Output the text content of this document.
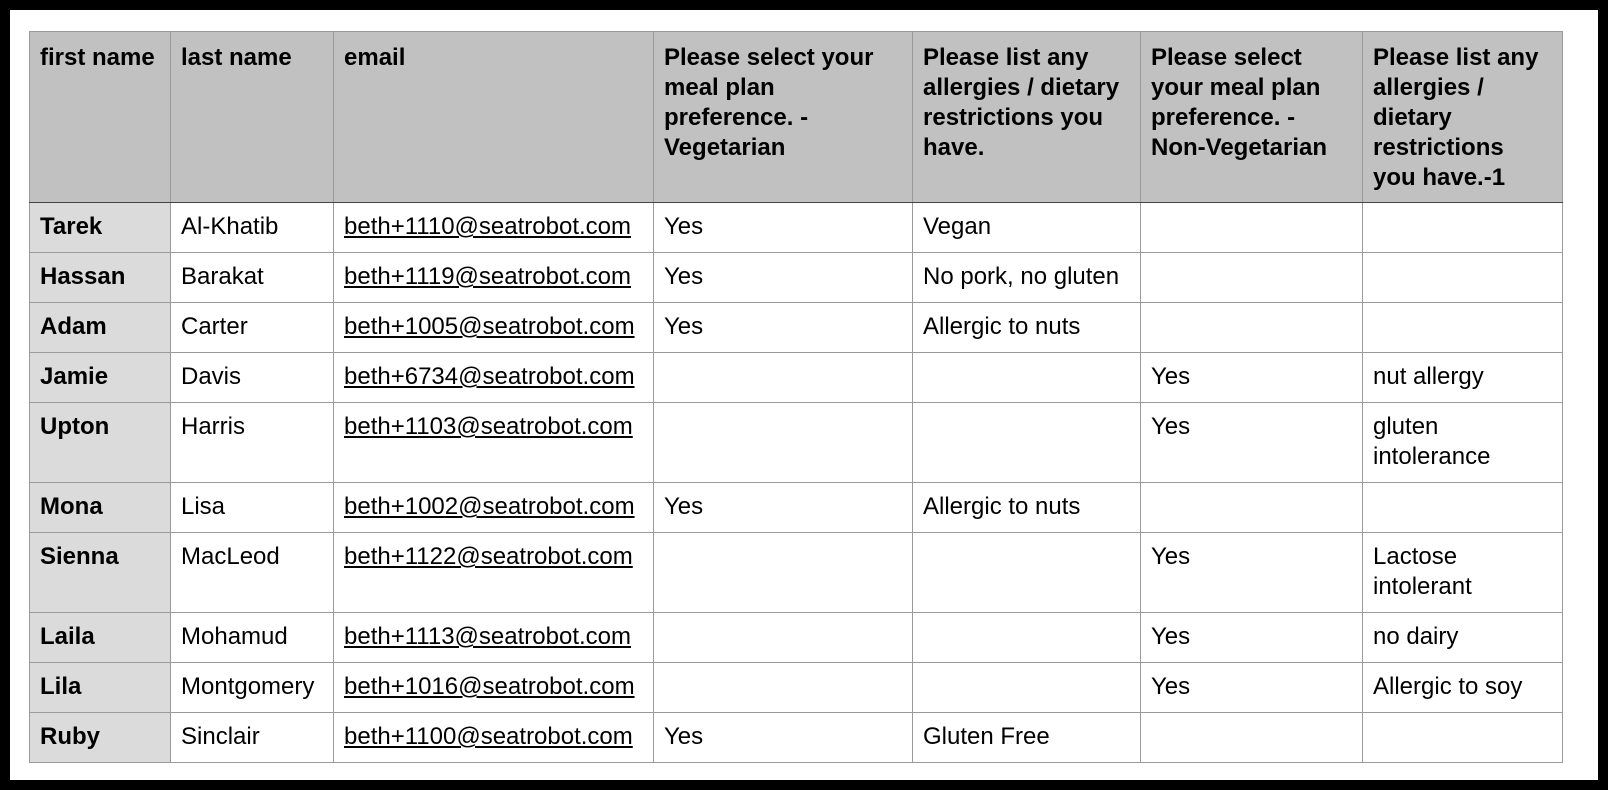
first name	last name	email	Please select your meal plan preference. - Vegetarian	Please list any allergies / dietary restrictions you have.	Please select your meal plan preference. - Non-Vegetarian	Please list any allergies / dietary restrictions you have.-1
Tarek	Al-Khatib	beth+1110@seatrobot.com	Yes	Vegan		
Hassan	Barakat	beth+1119@seatrobot.com	Yes	No pork, no gluten		
Adam	Carter	beth+1005@seatrobot.com	Yes	Allergic to nuts		
Jamie	Davis	beth+6734@seatrobot.com			Yes	nut allergy
Upton	Harris	beth+1103@seatrobot.com			Yes	gluten intolerance
Mona	Lisa	beth+1002@seatrobot.com	Yes	Allergic to nuts		
Sienna	MacLeod	beth+1122@seatrobot.com			Yes	Lactose intolerant
Laila	Mohamud	beth+1113@seatrobot.com			Yes	no dairy
Lila	Montgomery	beth+1016@seatrobot.com			Yes	Allergic to soy
Ruby	Sinclair	beth+1100@seatrobot.com	Yes	Gluten Free		
